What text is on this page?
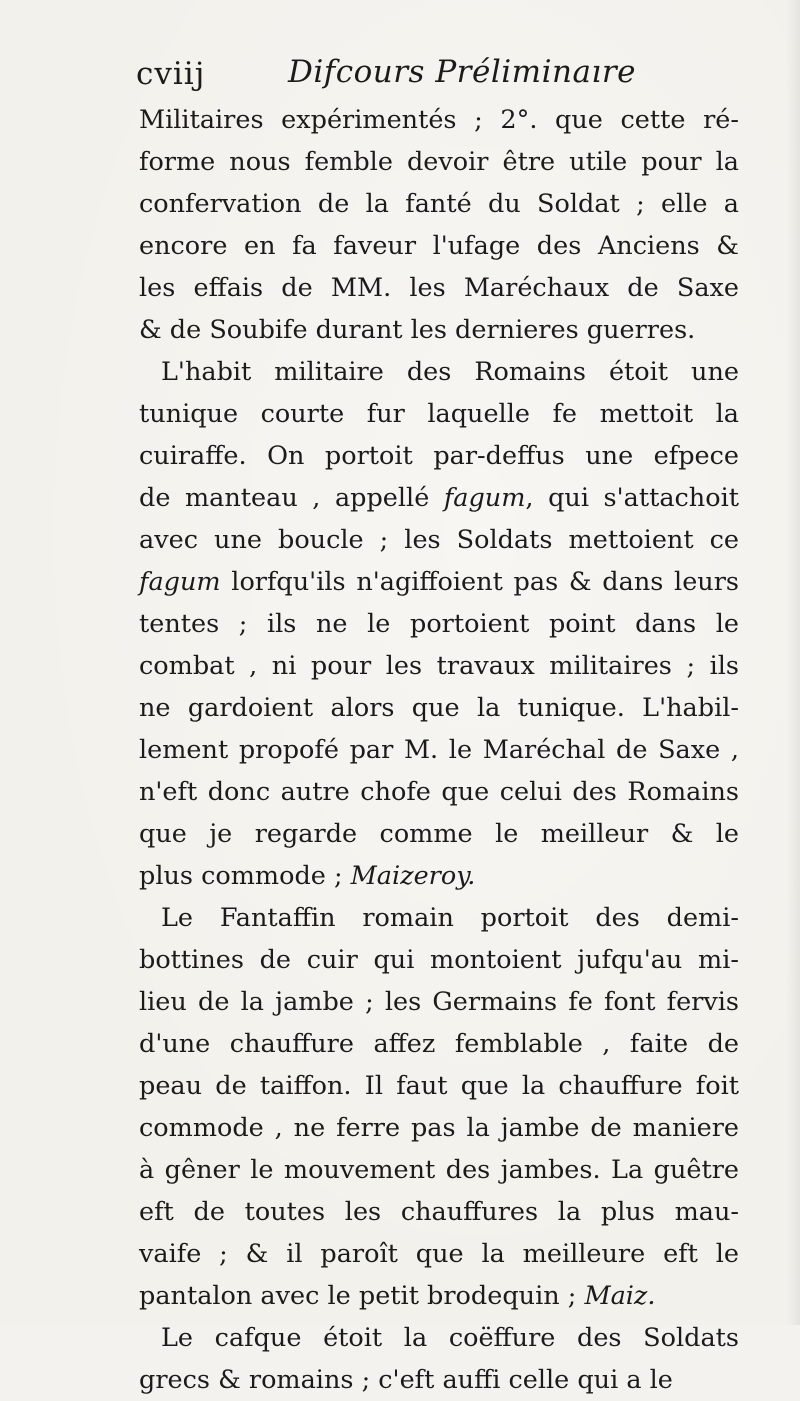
cviij	Difcours Préliminaıre
Militaires expérimentés ; 2°. que cette ré-
forme nous femble devoir être utile pour la
confervation de la fanté du Soldat ; elle a
encore en fa faveur l'ufage des Anciens &
les effais de MM. les Maréchaux de Saxe
& de Soubife durant les dernieres guerres.
L'habit militaire des Romains étoit une
tunique courte fur laquelle fe mettoit la
cuiraffe. On portoit par-deffus une efpece
de manteau , appellé fagum, qui s'attachoit
avec une boucle ; les Soldats mettoient ce
fagum lorfqu'ils n'agiffoient pas & dans leurs
tentes ; ils ne le portoient point dans le
combat , ni pour les travaux militaires ; ils
ne gardoient alors que la tunique. L'habil-
lement propofé par M. le Maréchal de Saxe ,
n'eft donc autre chofe que celui des Romains
que je regarde comme le meilleur & le
plus commode ; Maizeroy.
Le Fantaffin romain portoit des demi-
bottines de cuir qui montoient jufqu'au mi-
lieu de la jambe ; les Germains fe font fervis
d'une chauffure affez femblable , faite de
peau de taiffon. Il faut que la chauffure foit
commode , ne ferre pas la jambe de maniere
à gêner le mouvement des jambes. La guêtre
eft de toutes les chauffures la plus mau-
vaife ; & il paroît que la meilleure eft le
pantalon avec le petit brodequin ; Maiz.
Le cafque étoit la coëffure des Soldats
grecs & romains ; c'eft auffi celle qui a le
